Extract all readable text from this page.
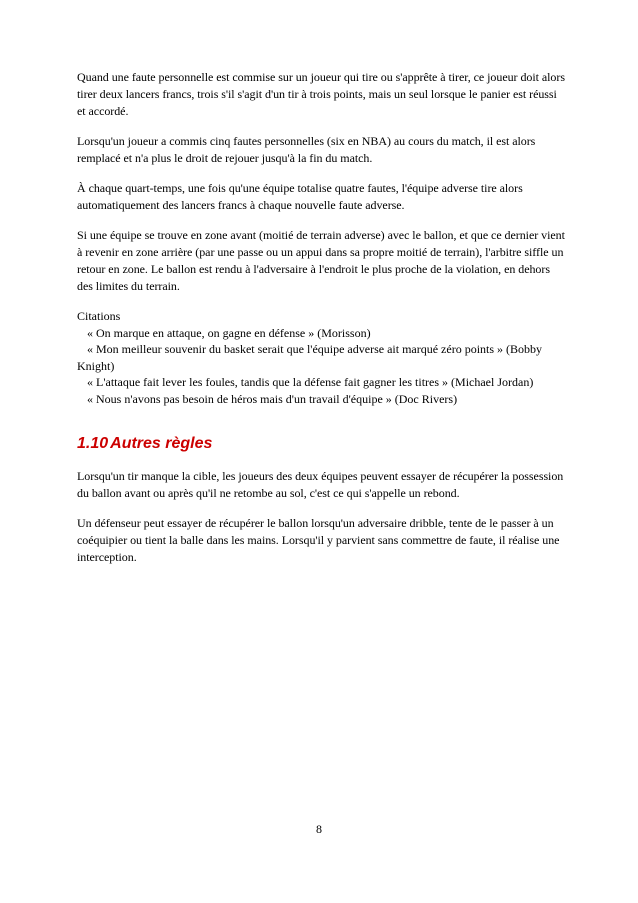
Quand une faute personnelle est commise sur un joueur qui tire ou s'apprête à tirer, ce joueur doit alors tirer deux lancers francs, trois s'il s'agit d'un tir à trois points, mais un seul lorsque le panier est réussi et accordé.

Lorsqu'un joueur a commis cinq fautes personnelles (six en NBA) au cours du match, il est alors remplacé et n'a plus le droit de rejouer jusqu'à la fin du match.

À chaque quart-temps, une fois qu'une équipe totalise quatre fautes, l'équipe adverse tire alors automatiquement des lancers francs à chaque nouvelle faute adverse.

Si une équipe se trouve en zone avant (moitié de terrain adverse) avec le ballon, et que ce dernier vient à revenir en zone arrière (par une passe ou un appui dans sa propre moitié de terrain), l'arbitre siffle un retour en zone. Le ballon est rendu à l'adversaire à l'endroit le plus proche de la violation, en dehors des limites du terrain.

Citations
« On marque en attaque, on gagne en défense » (Morisson)
« Mon meilleur souvenir du basket serait que l'équipe adverse ait marqué zéro points » (Bobby Knight)
« L'attaque fait lever les foules, tandis que la défense fait gagner les titres » (Michael Jordan)
« Nous n'avons pas besoin de héros mais d'un travail d'équipe » (Doc Rivers)
1.10 Autres règles

Lorsqu'un tir manque la cible, les joueurs des deux équipes peuvent essayer de récupérer la possession du ballon avant ou après qu'il ne retombe au sol, c'est ce qui s'appelle un rebond.

Un défenseur peut essayer de récupérer le ballon lorsqu'un adversaire dribble, tente de le passer à un coéquipier ou tient la balle dans les mains. Lorsqu'il y parvient sans commettre de faute, il réalise une interception.

8
